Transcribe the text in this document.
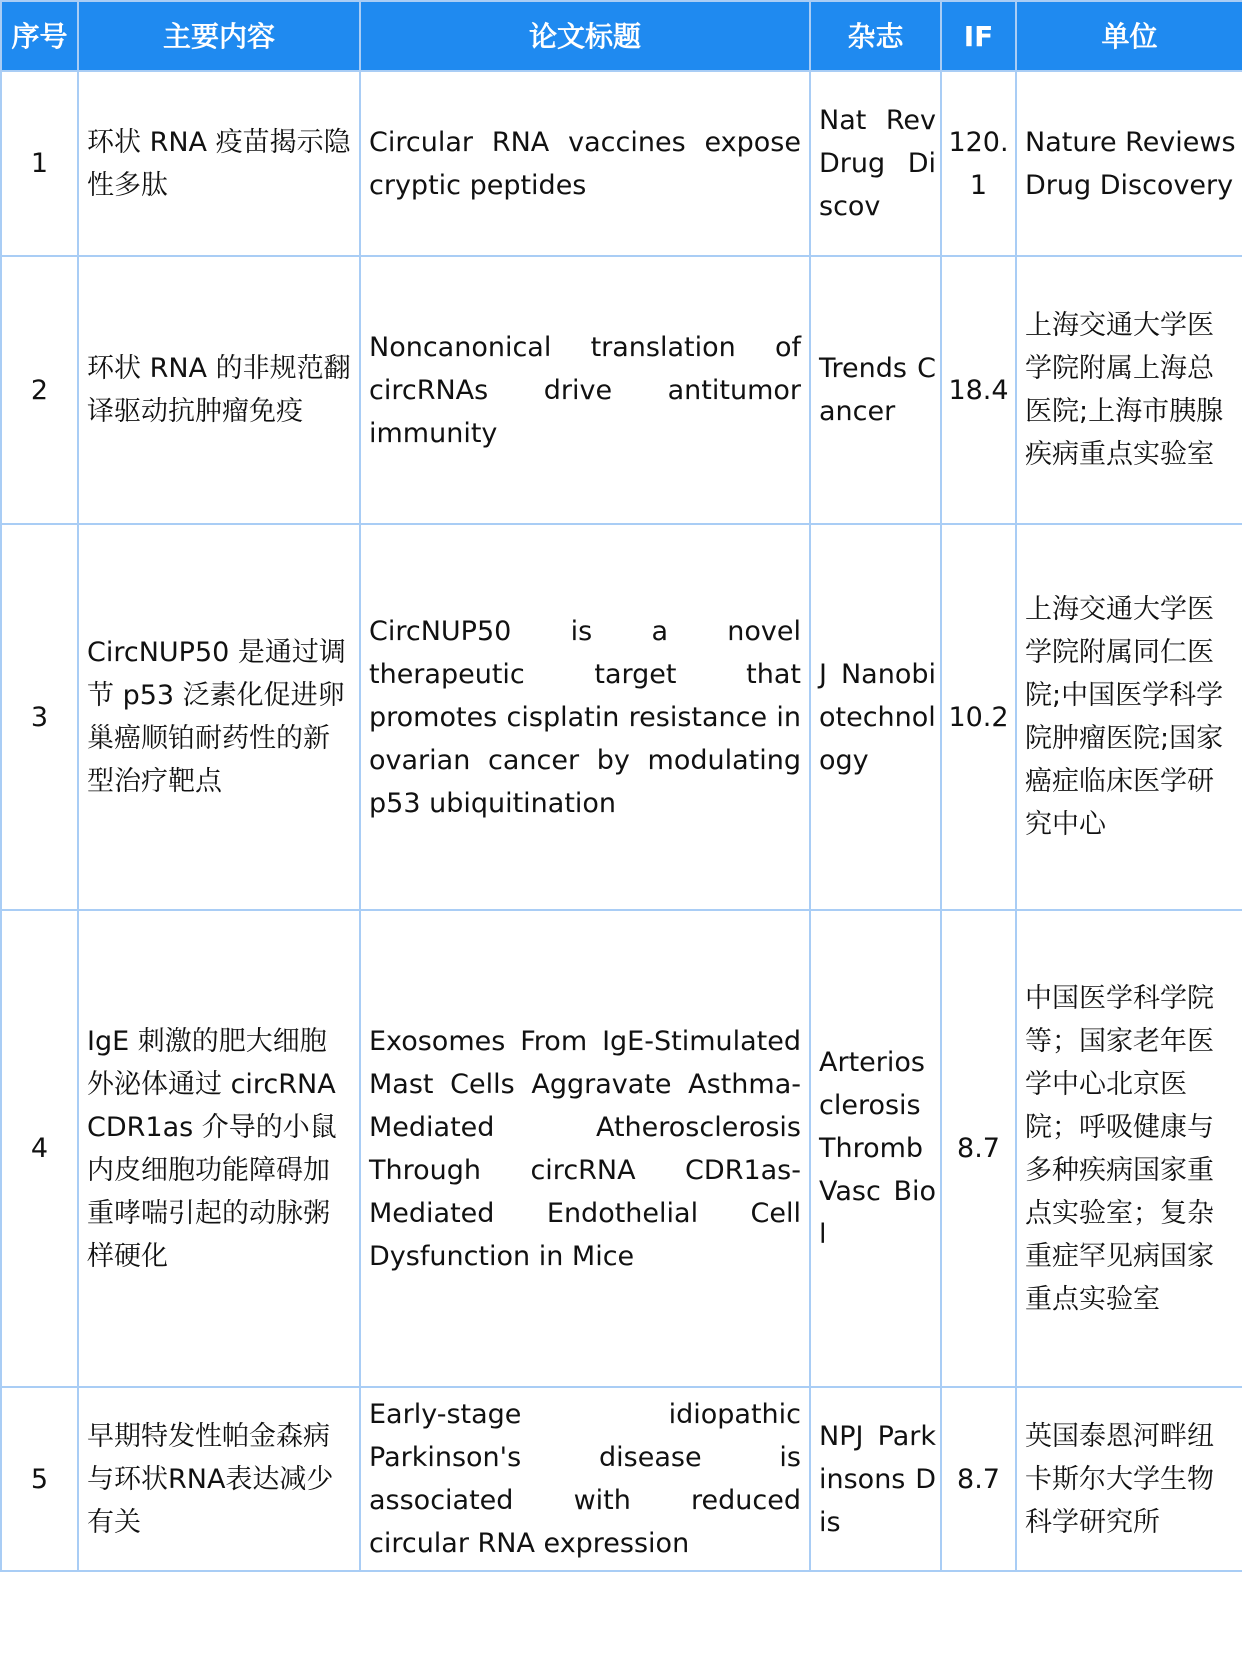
序号	主要内容	论文标题	杂志	IF	单位
1	环状 RNA 疫苗揭示隐性多肽	Circular RNA vaccines expose cryptic peptides	Nat Rev Drug Discov	120.1	Nature Reviews Drug Discovery
2	环状 RNA 的非规范翻译驱动抗肿瘤免疫	Noncanonical translation of circRNAs drive antitumor immunity	Trends Cancer	18.4	上海交通大学医学院附属上海总医院;上海市胰腺疾病重点实验室
3	CircNUP50 是通过调节 p53 泛素化促进卵巢癌顺铂耐药性的新型治疗靶点	CircNUP50 is a novel therapeutic target that promotes cisplatin resistance in ovarian cancer by modulating p53 ubiquitination	J Nanobiotechnology	10.2	上海交通大学医学院附属同仁医院;中国医学科学院肿瘤医院;国家癌症临床医学研究中心
4	IgE 刺激的肥大细胞外泌体通过 circRNA CDR1as 介导的小鼠内皮细胞功能障碍加重哮喘引起的动脉粥样硬化	Exosomes From IgE-Stimulated Mast Cells Aggravate Asthma-Mediated Atherosclerosis Through circRNA CDR1as-Mediated Endothelial Cell Dysfunction in Mice	Arteriosclerosis Thromb Vasc Biol	8.7	中国医学科学院等；国家老年医学中心北京医院；呼吸健康与多种疾病国家重点实验室；复杂重症罕见病国家重点实验室
5	早期特发性帕金森病与环状RNA表达减少有关	Early-stage idiopathic Parkinson's disease is associated with reduced circular RNA expression	NPJ Parkinsons Dis	8.7	英国泰恩河畔纽卡斯尔大学生物科学研究所
